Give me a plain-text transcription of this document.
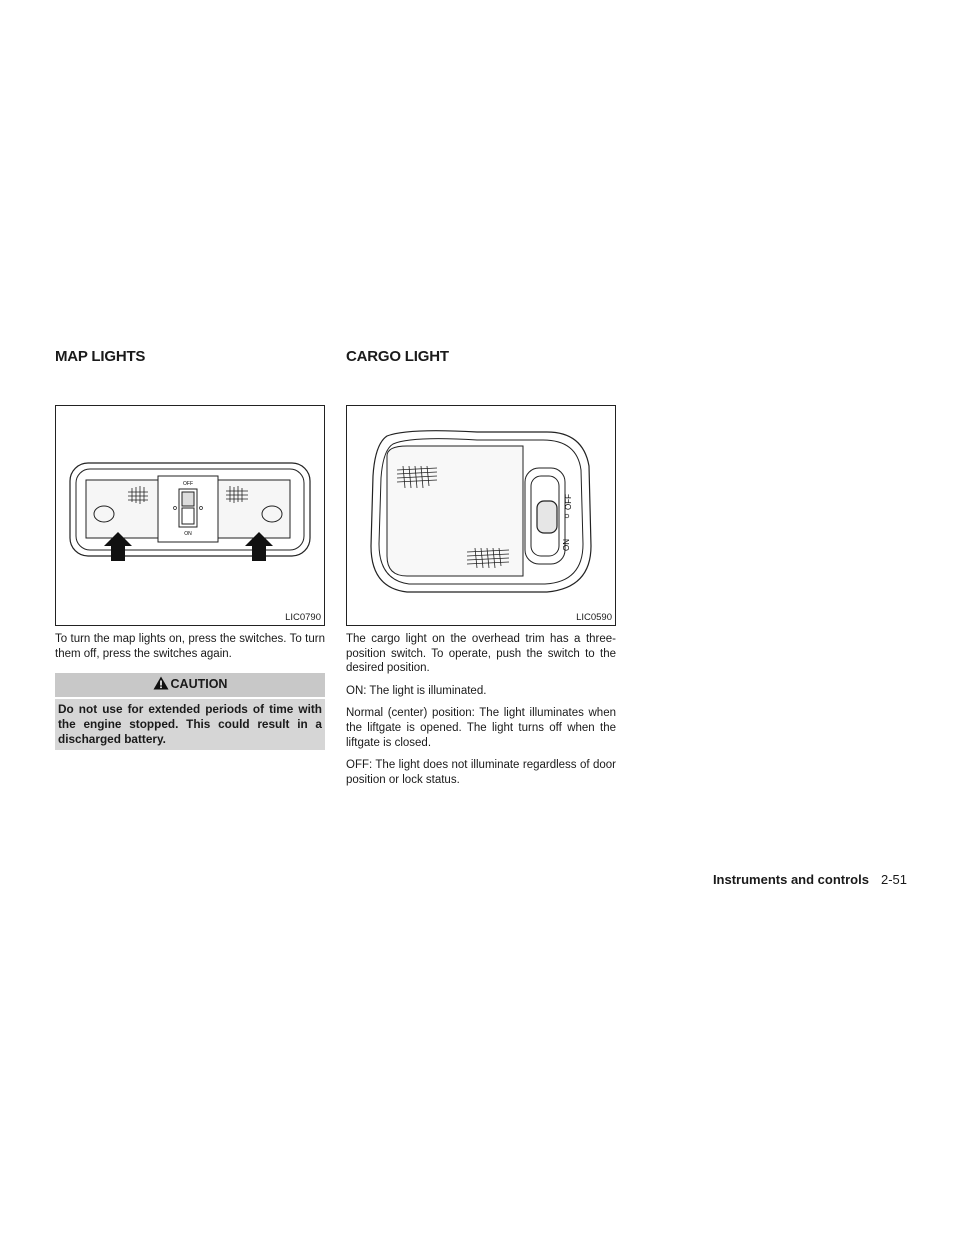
MAP LIGHTS
OFF
ON
LIC0790

To turn the map lights on, press the switches. To turn them off, press the switches again.

CAUTION
Do not use for extended periods of time with the engine stopped. This could result in a discharged battery.
CARGO LIGHT
ON
OFF
LIC0590

The cargo light on the overhead trim has a three-position switch. To operate, push the switch to the desired position.

ON: The light is illuminated.

Normal (center) position: The light illuminates when the liftgate is opened. The light turns off when the liftgate is closed.

OFF: The light does not illuminate regardless of door position or lock status.

Instruments and controls 2-51
